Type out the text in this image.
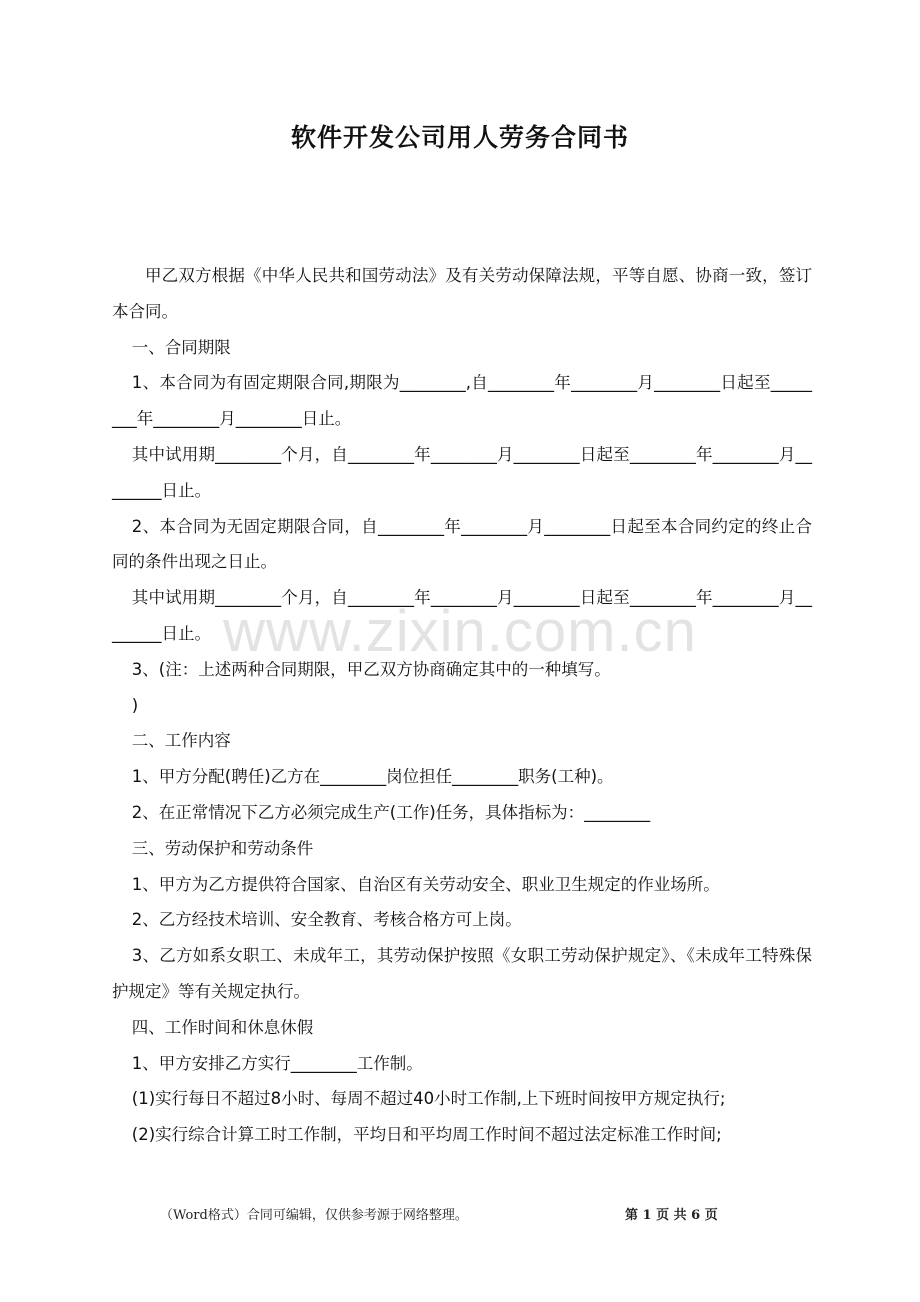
软件开发公司用人劳务合同书

甲乙双方根据《中华人民共和国劳动法》及有关劳动保障法规，平等自愿、协商一致，签订本合同。

一、合同期限

1、本合同为有固定期限合同,期限为________,自________年________月________日起至________年________月________日止。

其中试用期________个月，自________年________月________日起至________年________月________日止。

2、本合同为无固定期限合同，自________年________月________日起至本合同约定的终止合同的条件出现之日止。

其中试用期________个月，自________年________月________日起至________年________月________日止。

3、(注：上述两种合同期限，甲乙双方协商确定其中的一种填写。

)

二、工作内容

1、甲方分配(聘任)乙方在________岗位担任________职务(工种)。

2、在正常情况下乙方必须完成生产(工作)任务，具体指标为：________

三、劳动保护和劳动条件

1、甲方为乙方提供符合国家、自治区有关劳动安全、职业卫生规定的作业场所。

2、乙方经技术培训、安全教育、考核合格方可上岗。

3、乙方如系女职工、未成年工，其劳动保护按照《女职工劳动保护规定》、《未成年工特殊保护规定》等有关规定执行。

四、工作时间和休息休假

1、甲方安排乙方实行________工作制。

(1)实行每日不超过8小时、每周不超过40小时工作制,上下班时间按甲方规定执行;

(2)实行综合计算工时工作制，平均日和平均周工作时间不超过法定标准工作时间;

www.zixin.com.cn
（Word格式）合同可编辑，仅供参考源于网络整理。	第 1 页 共 6 页
